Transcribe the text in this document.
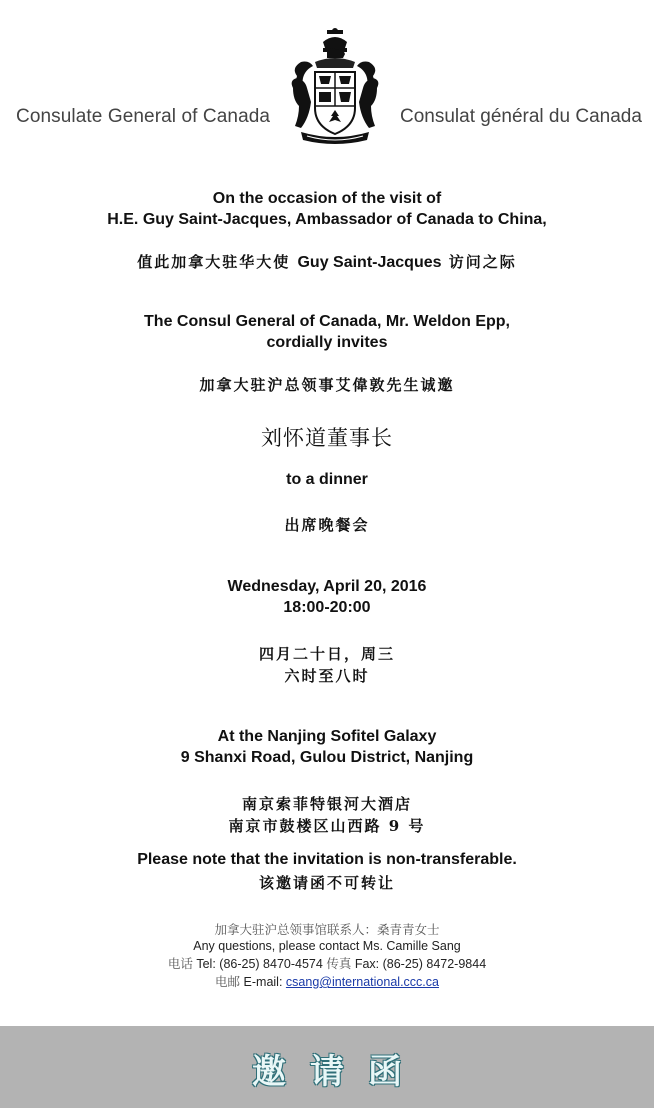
Consulate General of Canada	Consulat général du Canada
On the occasion of the visit of
H.E. Guy Saint-Jacques, Ambassador of Canada to China,
值此加拿大驻华大使 Guy Saint-Jacques 访问之际
The Consul General of Canada, Mr. Weldon Epp,
cordially invites
加拿大驻沪总领事艾偉敦先生诚邀
刘怀道董事长
to a dinner
出席晚餐会
Wednesday, April 20, 2016
18:00-20:00
四月二十日，周三
六时至八时
At the Nanjing Sofitel Galaxy
9 Shanxi Road, Gulou District, Nanjing
南京索菲特银河大酒店
南京市鼓楼区山西路 9 号
Please note that the invitation is non-transferable.
该邀请函不可转让
加拿大驻沪总领事馆联系人：桑青青女士
Any questions, please contact Ms. Camille Sang
电话 Tel: (86-25) 8470-4574 传真 Fax: (86-25) 8472-9844
电邮 E-mail: csang@international.ccc.ca
邀请函
